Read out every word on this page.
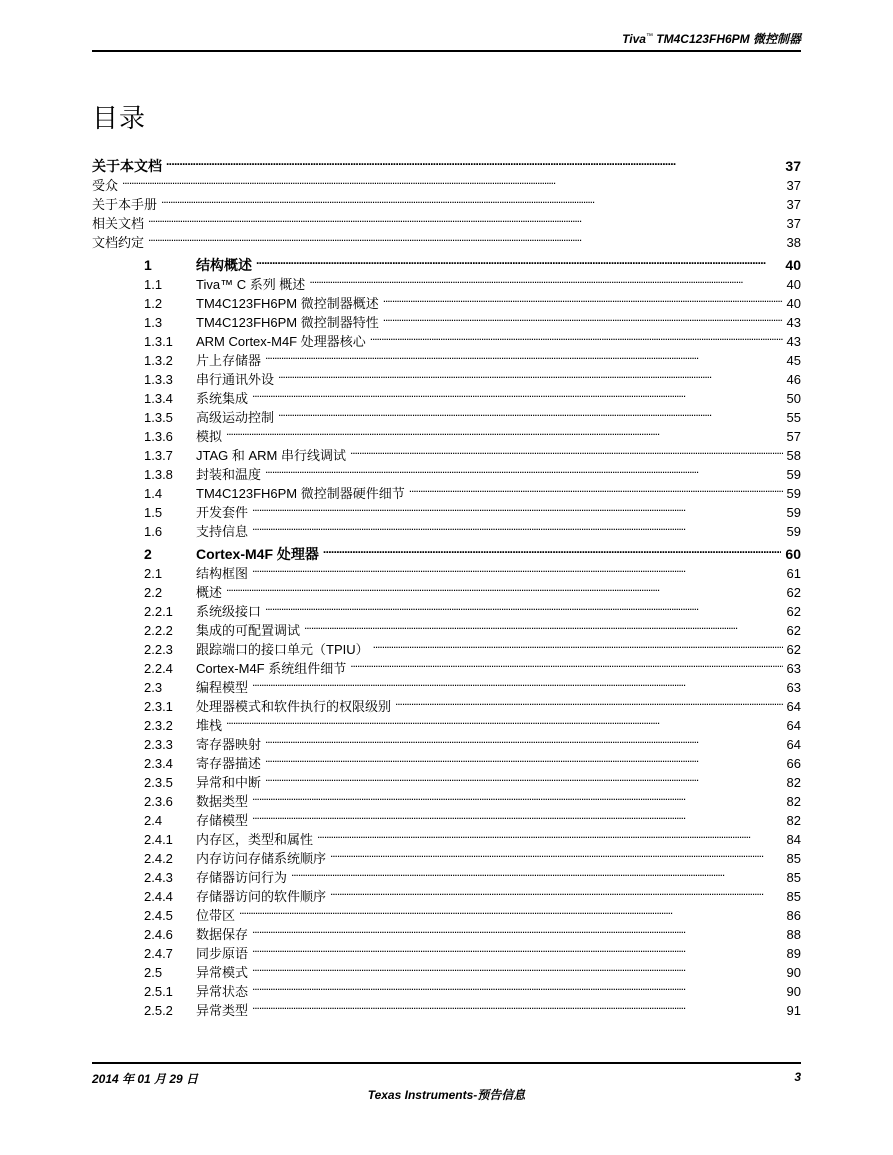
Tiva™ TM4C123FH6PM 微控制器
目录
关于本文档 . . .	37
受众 . . .	37
关于本手册 . . .	37
相关文档 . . .	37
文档约定 . . .	38
1	结构概述 . . .	40
1.1	Tiva™ C 系列 概述 . . .	40
1.2	TM4C123FH6PM 微控制器概述 . . .	40
1.3	TM4C123FH6PM 微控制器特性 . . .	43
1.3.1	ARM Cortex-M4F 处理器核心 . . .	43
1.3.2	片上存储器 . . .	45
1.3.3	串行通讯外设 . . .	46
1.3.4	系统集成 . . .	50
1.3.5	高级运动控制 . . .	55
1.3.6	模拟 . . .	57
1.3.7	JTAG 和 ARM 串行线调试 . . .	58
1.3.8	封装和温度 . . .	59
1.4	TM4C123FH6PM 微控制器硬件细节 . . .	59
1.5	开发套件 . . .	59
1.6	支持信息 . . .	59
2	Cortex-M4F 处理器 . . .	60
2.1	结构框图 . . .	61
2.2	概述 . . .	62
2.2.1	系统级接口 . . .	62
2.2.2	集成的可配置调试 . . .	62
2.2.3	跟踪端口的接口单元（TPIU） . . .	62
2.2.4	Cortex-M4F 系统组件细节 . . .	63
2.3	编程模型 . . .	63
2.3.1	处理器模式和软件执行的权限级别 . . .	64
2.3.2	堆栈 . . .	64
2.3.3	寄存器映射 . . .	64
2.3.4	寄存器描述 . . .	66
2.3.5	异常和中断 . . .	82
2.3.6	数据类型 . . .	82
2.4	存储模型 . . .	82
2.4.1	内存区，类型和属性 . . .	84
2.4.2	内存访问存储系统顺序 . . .	85
2.4.3	存储器访问行为 . . .	85
2.4.4	存储器访问的软件顺序 . . .	85
2.4.5	位带区 . . .	86
2.4.6	数据保存 . . .	88
2.4.7	同步原语 . . .	89
2.5	异常模式 . . .	90
2.5.1	异常状态 . . .	90
2.5.2	异常类型 . . .	91
2014 年 01 月 29 日	3
Texas Instruments-预告信息
